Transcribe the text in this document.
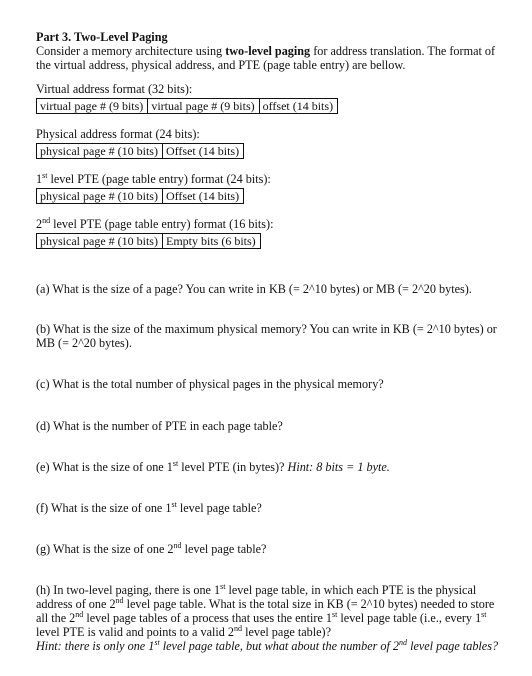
Part 3. Two-Level Paging

Consider a memory architecture using two-level paging for address translation. The format of the virtual address, physical address, and PTE (page table entry) are bellow.

Virtual address format (32 bits):

virtual page # (9 bits)	virtual page # (9 bits)	offset (14 bits)

Physical address format (24 bits):

physical page # (10 bits)	Offset (14 bits)

1st level PTE (page table entry) format (24 bits):

physical page # (10 bits)	Offset (14 bits)

2nd level PTE (page table entry) format (16 bits):

physical page # (10 bits)	Empty bits (6 bits)

(a) What is the size of a page? You can write in KB (= 2^10 bytes) or MB (= 2^20 bytes).

(b) What is the size of the maximum physical memory? You can write in KB (= 2^10 bytes) or MB (= 2^20 bytes).

(c) What is the total number of physical pages in the physical memory?

(d) What is the number of PTE in each page table?

(e) What is the size of one 1st level PTE (in bytes)? Hint: 8 bits = 1 byte.

(f) What is the size of one 1st level page table?

(g) What is the size of one 2nd level page table?

(h) In two-level paging, there is one 1st level page table, in which each PTE is the physical address of one 2nd level page table. What is the total size in KB (= 2^10 bytes) needed to store all the 2nd level page tables of a process that uses the entire 1st level page table (i.e., every 1st level PTE is valid and points to a valid 2nd level page table)?
Hint: there is only one 1st level page table, but what about the number of 2nd level page tables?
